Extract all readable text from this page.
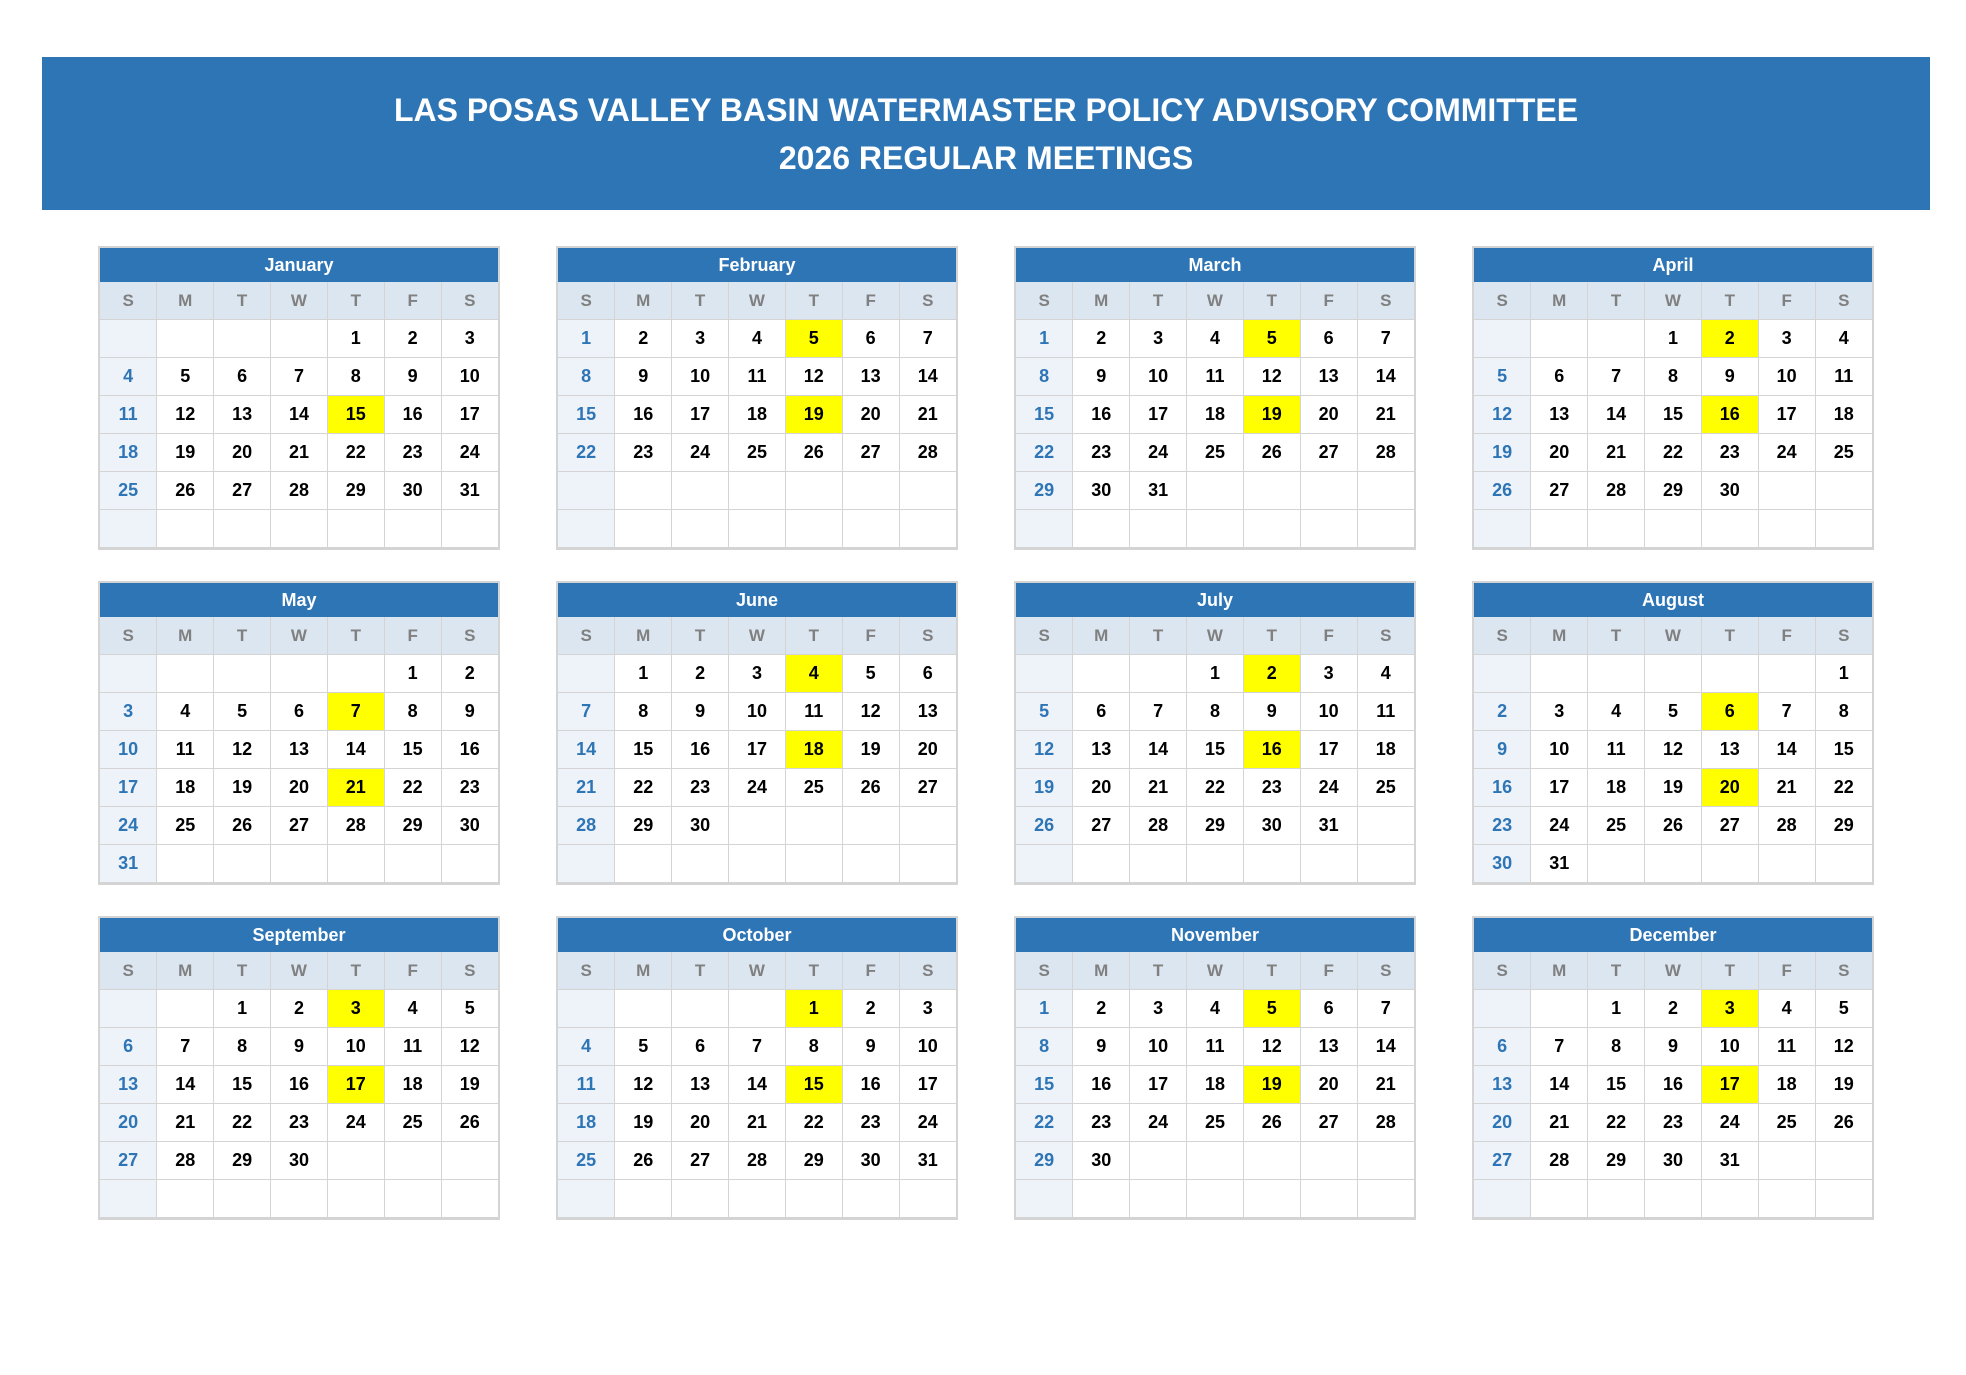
LAS POSAS VALLEY BASIN WATERMASTER POLICY ADVISORY COMMITTEE
2026 REGULAR MEETINGS
January
S	M	T	W	T	F	S
				1	2	3
4	5	6	7	8	9	10
11	12	13	14	15	16	17
18	19	20	21	22	23	24
25	26	27	28	29	30	31

February
S	M	T	W	T	F	S
1	2	3	4	5	6	7
8	9	10	11	12	13	14
15	16	17	18	19	20	21
22	23	24	25	26	27	28

March
S	M	T	W	T	F	S
1	2	3	4	5	6	7
8	9	10	11	12	13	14
15	16	17	18	19	20	21
22	23	24	25	26	27	28
29	30	31				

April
S	M	T	W	T	F	S
			1	2	3	4
5	6	7	8	9	10	11
12	13	14	15	16	17	18
19	20	21	22	23	24	25
26	27	28	29	30		

May
S	M	T	W	T	F	S
					1	2
3	4	5	6	7	8	9
10	11	12	13	14	15	16
17	18	19	20	21	22	23
24	25	26	27	28	29	30
31						
June
S	M	T	W	T	F	S
	1	2	3	4	5	6
7	8	9	10	11	12	13
14	15	16	17	18	19	20
21	22	23	24	25	26	27
28	29	30				

July
S	M	T	W	T	F	S
			1	2	3	4
5	6	7	8	9	10	11
12	13	14	15	16	17	18
19	20	21	22	23	24	25
26	27	28	29	30	31	

August
S	M	T	W	T	F	S
						1
2	3	4	5	6	7	8
9	10	11	12	13	14	15
16	17	18	19	20	21	22
23	24	25	26	27	28	29
30	31					
September
S	M	T	W	T	F	S
		1	2	3	4	5
6	7	8	9	10	11	12
13	14	15	16	17	18	19
20	21	22	23	24	25	26
27	28	29	30			

October
S	M	T	W	T	F	S
				1	2	3
4	5	6	7	8	9	10
11	12	13	14	15	16	17
18	19	20	21	22	23	24
25	26	27	28	29	30	31

November
S	M	T	W	T	F	S
1	2	3	4	5	6	7
8	9	10	11	12	13	14
15	16	17	18	19	20	21
22	23	24	25	26	27	28
29	30					

December
S	M	T	W	T	F	S
		1	2	3	4	5
6	7	8	9	10	11	12
13	14	15	16	17	18	19
20	21	22	23	24	25	26
27	28	29	30	31		
